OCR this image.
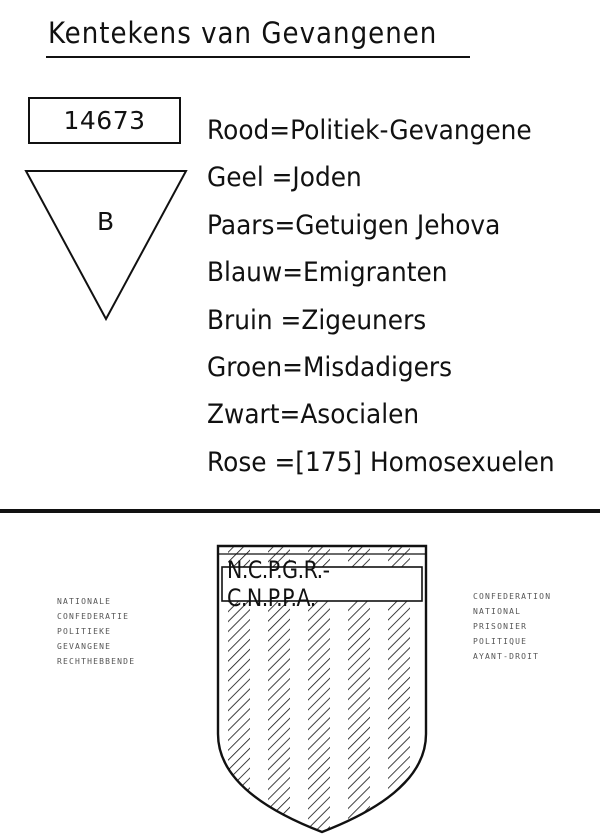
Kentekens van Gevangenen
14673
B
Rood=Politiek-Gevangene
Geel =Joden
Paars=Getuigen Jehova
Blauw=Emigranten
Bruin =Zigeuners
Groen=Misdadigers
Zwart=Asocialen
Rose =[175] Homosexuelen
NATIONALE
CONFEDERATIE
POLITIEKE
GEVANGENE
RECHTHEBBENDE
N.C.P.G.R.-C.N.P.P.A.	CONFEDERATION
NATIONAL
PRISONIER
POLITIQUE
AYANT-DROIT
